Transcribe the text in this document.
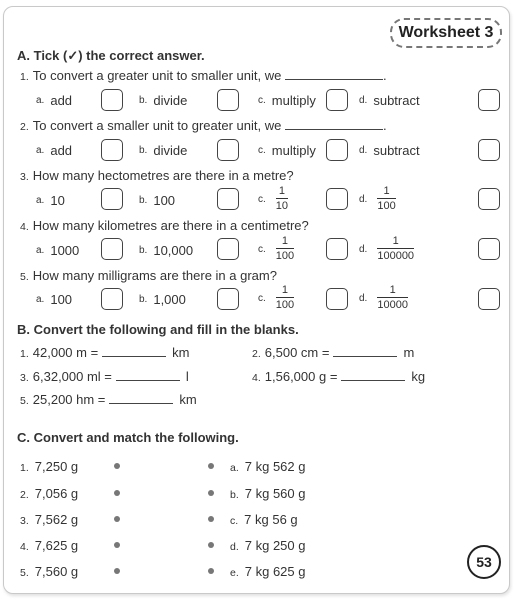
Worksheet 3
A. Tick (✓) the correct answer.
1. To convert a greater unit to smaller unit, we	.
a. add	b. divide	c. multiply	d. subtract
2. To convert a smaller unit to greater unit, we	.
a. add	b. divide	c. multiply	d. subtract
3. How many hectometres are there in a metre?
a. 10	b. 100	c. $\frac{1}{10}$	d. $\frac{1}{100}$
4. How many kilometres are there in a centimetre?
a. 1000	b. 10,000	c. $\frac{1}{100}$	d. $\frac{1}{100000}$
5. How many milligrams are there in a gram?
a. 100	b. 1,000	c. $\frac{1}{100}$	d. $\frac{1}{10000}$
B. Convert the following and fill in the blanks.
1. 42,000 m =	km	2. 6,500 cm =	m
3. 6,32,000 ml =	l	4. 1,56,000 g =	kg
5. 25,200 hm =	km
C. Convert and match the following.
1. 7,250 g	a. 7 kg 562 g
2. 7,056 g	b. 7 kg 560 g
3. 7,562 g	c. 7 kg 56 g
4. 7,625 g	d. 7 kg 250 g
5. 7,560 g	e. 7 kg 625 g
53
